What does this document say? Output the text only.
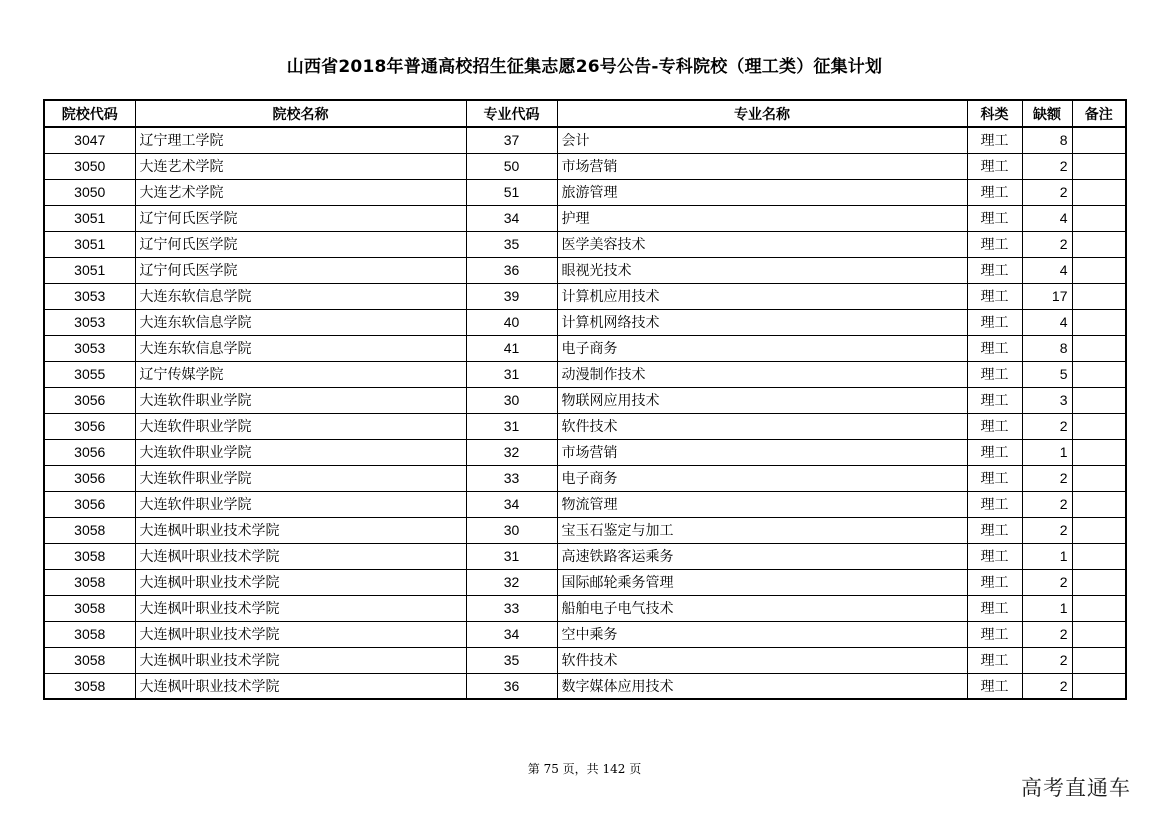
山西省2018年普通高校招生征集志愿26号公告-专科院校（理工类）征集计划
院校代码	院校名称	专业代码	专业名称	科类	缺额	备注
3047	辽宁理工学院	37	会计	理工	8	
3050	大连艺术学院	50	市场营销	理工	2	
3050	大连艺术学院	51	旅游管理	理工	2	
3051	辽宁何氏医学院	34	护理	理工	4	
3051	辽宁何氏医学院	35	医学美容技术	理工	2	
3051	辽宁何氏医学院	36	眼视光技术	理工	4	
3053	大连东软信息学院	39	计算机应用技术	理工	17	
3053	大连东软信息学院	40	计算机网络技术	理工	4	
3053	大连东软信息学院	41	电子商务	理工	8	
3055	辽宁传媒学院	31	动漫制作技术	理工	5	
3056	大连软件职业学院	30	物联网应用技术	理工	3	
3056	大连软件职业学院	31	软件技术	理工	2	
3056	大连软件职业学院	32	市场营销	理工	1	
3056	大连软件职业学院	33	电子商务	理工	2	
3056	大连软件职业学院	34	物流管理	理工	2	
3058	大连枫叶职业技术学院	30	宝玉石鉴定与加工	理工	2	
3058	大连枫叶职业技术学院	31	高速铁路客运乘务	理工	1	
3058	大连枫叶职业技术学院	32	国际邮轮乘务管理	理工	2	
3058	大连枫叶职业技术学院	33	船舶电子电气技术	理工	1	
3058	大连枫叶职业技术学院	34	空中乘务	理工	2	
3058	大连枫叶职业技术学院	35	软件技术	理工	2	
3058	大连枫叶职业技术学院	36	数字媒体应用技术	理工	2	
第 75 页，共 142 页
高考直通车
